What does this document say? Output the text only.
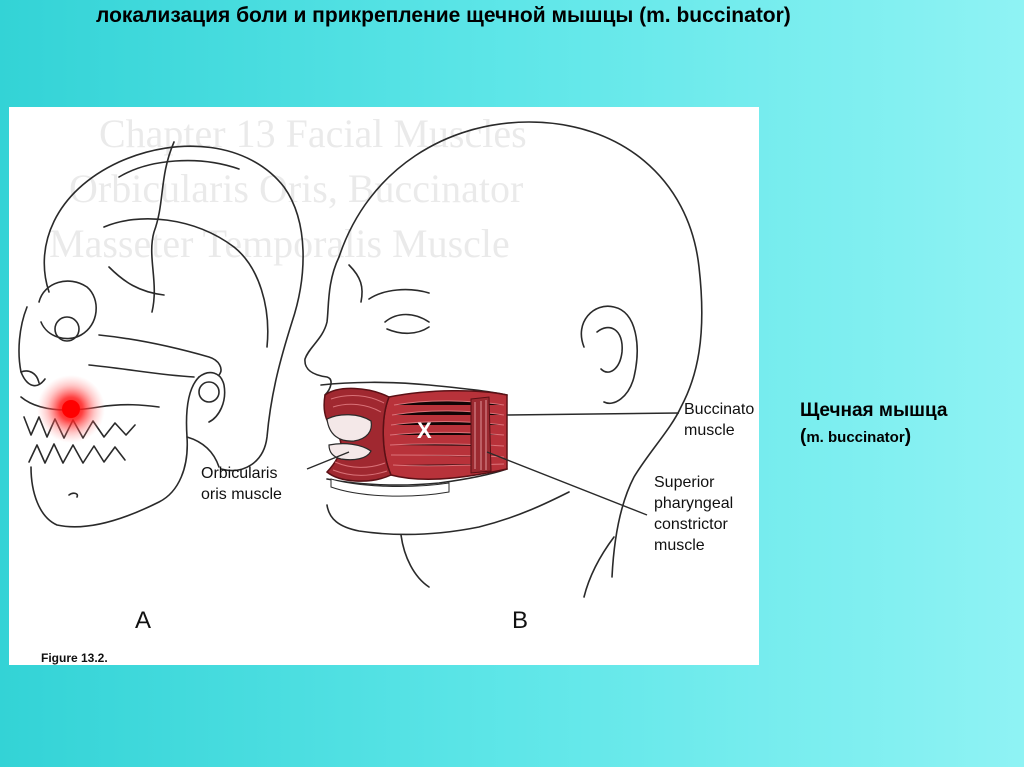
локализация боли и прикрепление щечной мышцы (m. buccinator)
Chapter 13 Facial Muscles
Orbicularis Oris, Buccinator
Masseter Temporalis Muscle
X
Buccinato
muscle
Orbicularis
oris muscle
Superior
pharyngeal
constrictor
muscle
A	B
Figure 13.2.
Щечная мышца
(m. buccinator)
